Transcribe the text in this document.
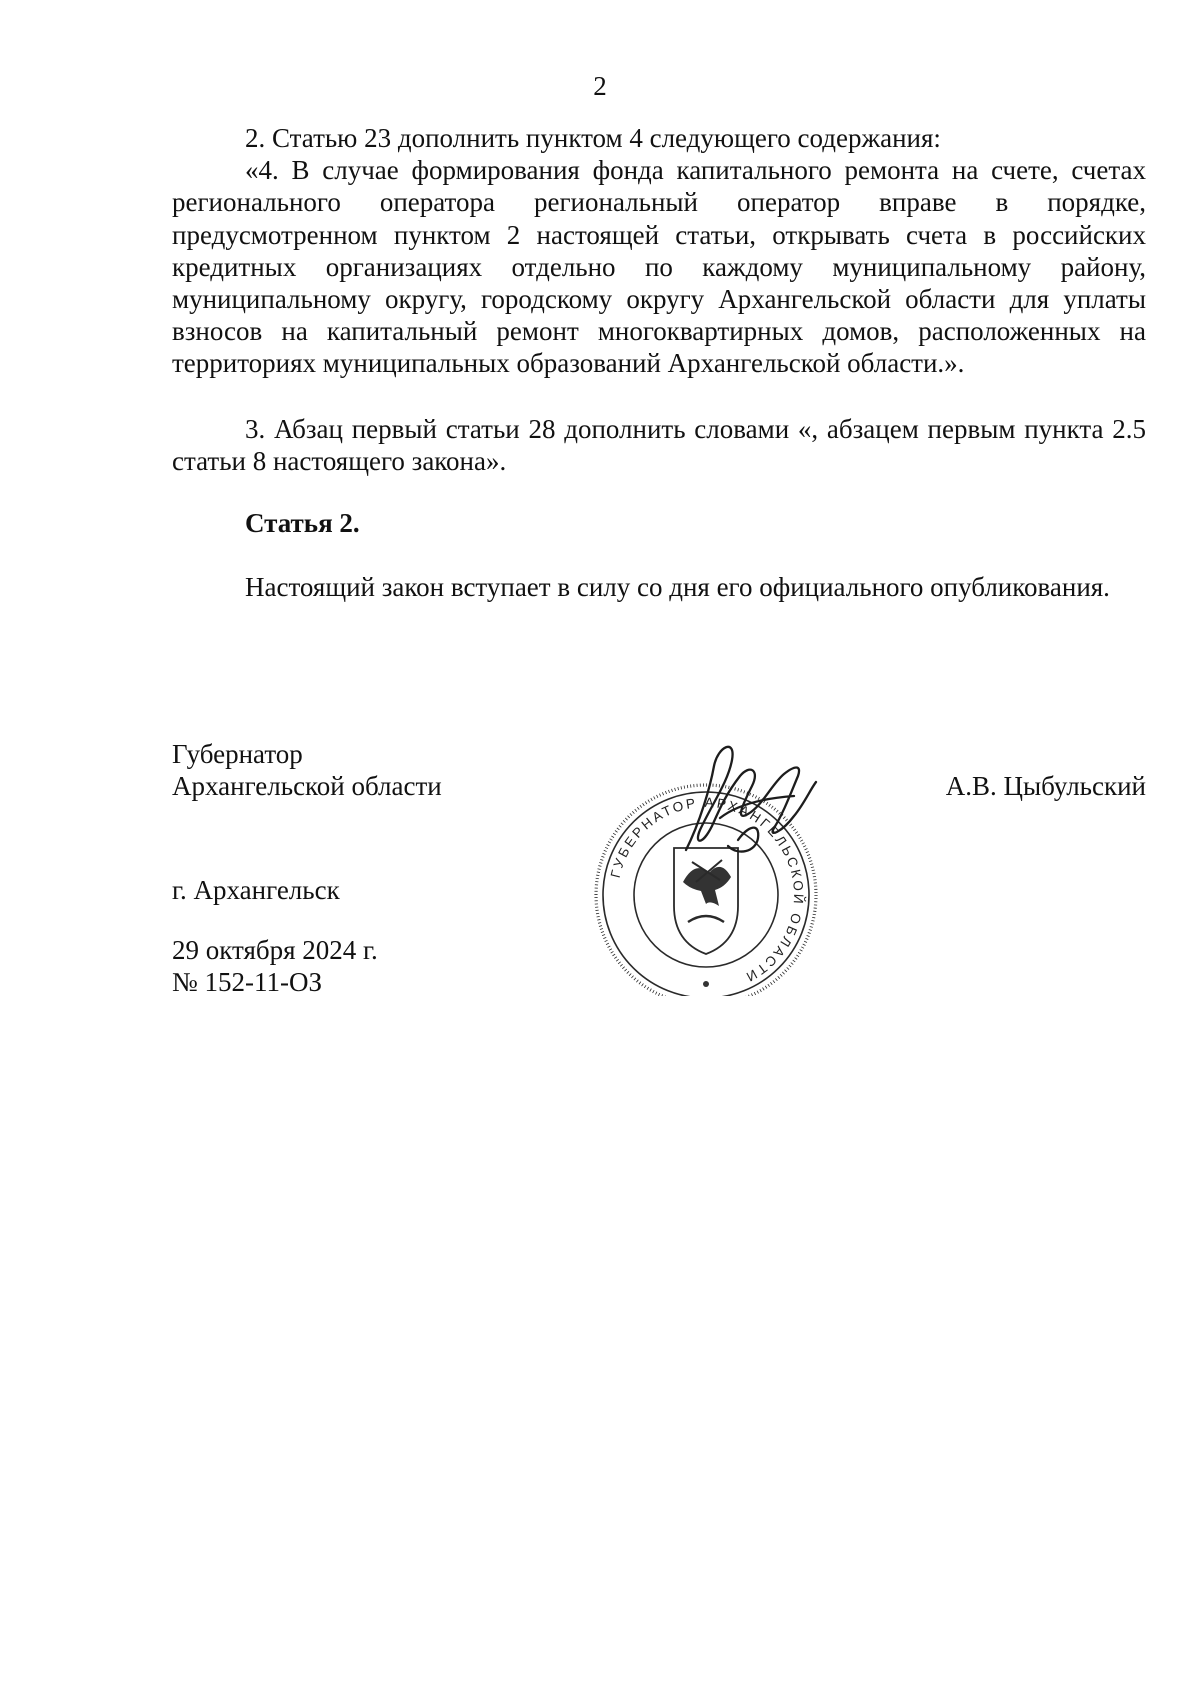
2

2. Статью 23 дополнить пунктом 4 следующего содержания:

«4. В случае формирования фонда капитального ремонта на счете, счетах регионального оператора региональный оператор вправе в порядке, предусмотренном пунктом 2 настоящей статьи, открывать счета в российских кредитных организациях отдельно по каждому муниципальному району, муниципальному округу, городскому округу Архангельской области для уплаты взносов на капитальный ремонт многоквартирных домов, расположенных на территориях муниципальных образований Архангельской области.».

3. Абзац первый статьи 28 дополнить словами «, абзацем первым пункта 2.5 статьи 8 настоящего закона».

Статья 2.

Настоящий закон вступает в силу со дня его официального опубликования.

Губернатор
Архангельской области	А.В. Цыбульский
ГУБЕРНАТОР АРХАНГЕЛЬСКОЙ ОБЛАСТИ
г. Архангельск
29 октября 2024 г.
№ 152-11-ОЗ
